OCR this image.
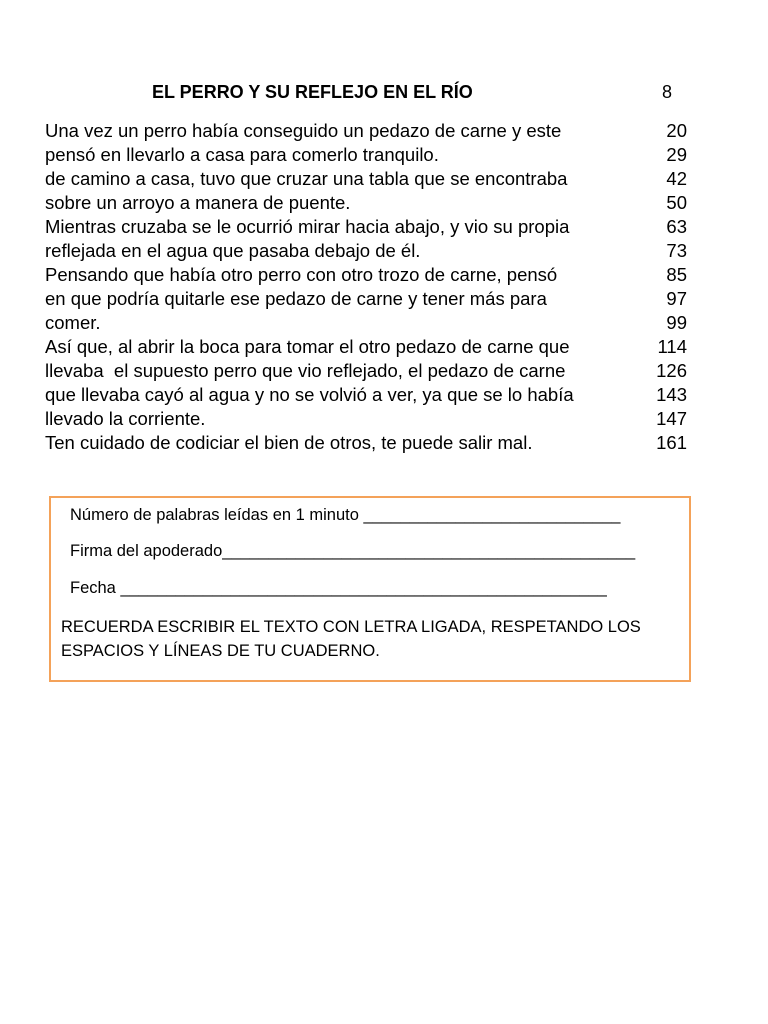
EL PERRO Y SU REFLEJO EN EL RÍO	8
Una vez un perro había conseguido un pedazo de carne y este	20
pensó en llevarlo a casa para comerlo tranquilo.	29
de camino a casa, tuvo que cruzar una tabla que se encontraba	42
sobre un arroyo a manera de puente.	50
Mientras cruzaba se le ocurrió mirar hacia abajo, y vio su propia	63
reflejada en el agua que pasaba debajo de él.	73
Pensando que había otro perro con otro trozo de carne, pensó	85
en que podría quitarle ese pedazo de carne y tener más para	97
comer.	99
Así que, al abrir la boca para tomar el otro pedazo de carne que	114
llevaba  el supuesto perro que vio reflejado, el pedazo de carne	126
que llevaba cayó al agua y no se volvió a ver, ya que se lo había	143
llevado la corriente.	147
Ten cuidado de codiciar el bien de otros, te puede salir mal.	161
Número de palabras leídas en 1 minuto ____________________________
Firma del apoderado_____________________________________________
Fecha _____________________________________________________
RECUERDA ESCRIBIR EL TEXTO CON LETRA LIGADA, RESPETANDO LOS ESPACIOS Y LÍNEAS DE TU CUADERNO.
